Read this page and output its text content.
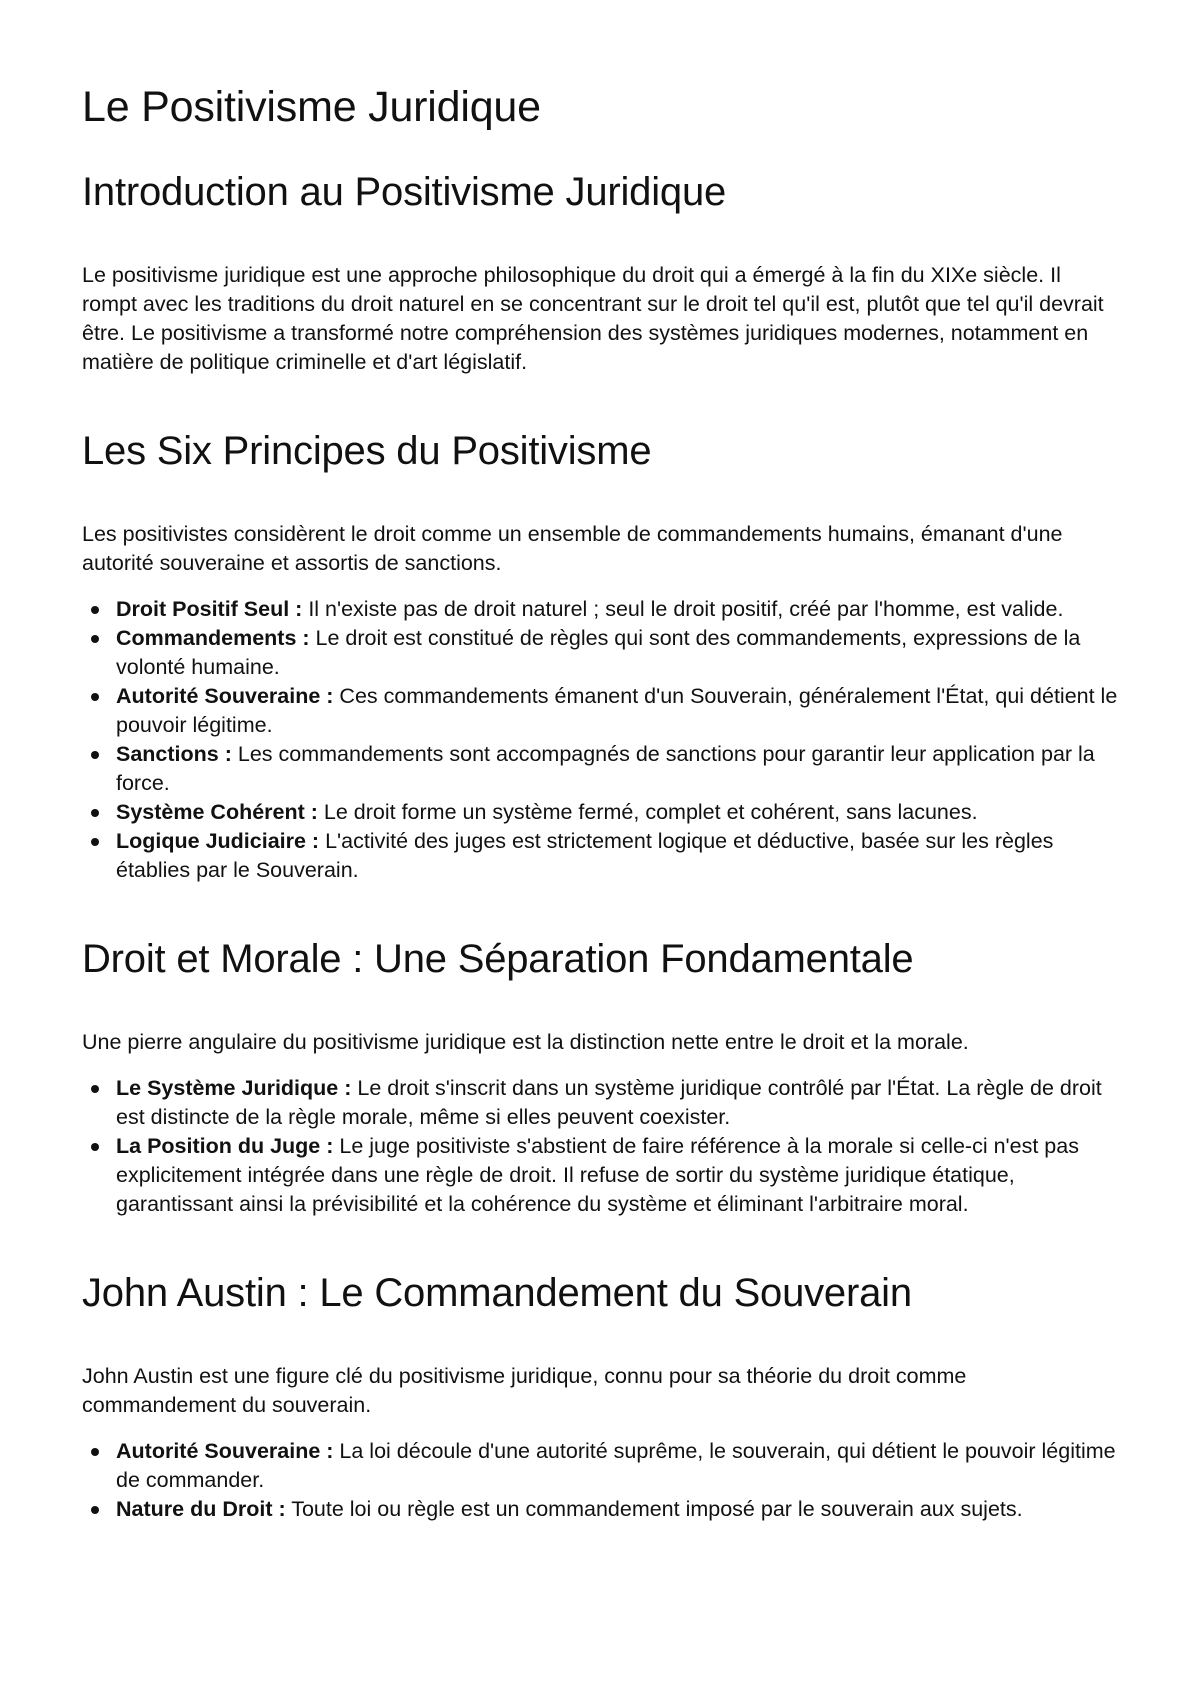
Le Positivisme Juridique
Introduction au Positivisme Juridique

Le positivisme juridique est une approche philosophique du droit qui a émergé à la fin du XIXe siècle. Il rompt avec les traditions du droit naturel en se concentrant sur le droit tel qu'il est, plutôt que tel qu'il devrait être. Le positivisme a transformé notre compréhension des systèmes juridiques modernes, notamment en matière de politique criminelle et d'art législatif.

Les Six Principes du Positivisme

Les positivistes considèrent le droit comme un ensemble de commandements humains, émanant d'une autorité souveraine et assortis de sanctions.

Droit Positif Seul : Il n'existe pas de droit naturel ; seul le droit positif, créé par l'homme, est valide.
Commandements : Le droit est constitué de règles qui sont des commandements, expressions de la volonté humaine.
Autorité Souveraine : Ces commandements émanent d'un Souverain, généralement l'État, qui détient le pouvoir légitime.
Sanctions : Les commandements sont accompagnés de sanctions pour garantir leur application par la force.
Système Cohérent : Le droit forme un système fermé, complet et cohérent, sans lacunes.
Logique Judiciaire : L'activité des juges est strictement logique et déductive, basée sur les règles établies par le Souverain.
Droit et Morale : Une Séparation Fondamentale

Une pierre angulaire du positivisme juridique est la distinction nette entre le droit et la morale.

Le Système Juridique : Le droit s'inscrit dans un système juridique contrôlé par l'État. La règle de droit est distincte de la règle morale, même si elles peuvent coexister.
La Position du Juge : Le juge positiviste s'abstient de faire référence à la morale si celle-ci n'est pas explicitement intégrée dans une règle de droit. Il refuse de sortir du système juridique étatique, garantissant ainsi la prévisibilité et la cohérence du système et éliminant l'arbitraire moral.
John Austin : Le Commandement du Souverain

John Austin est une figure clé du positivisme juridique, connu pour sa théorie du droit comme commandement du souverain.

Autorité Souveraine : La loi découle d'une autorité suprême, le souverain, qui détient le pouvoir légitime de commander.
Nature du Droit : Toute loi ou règle est un commandement imposé par le souverain aux sujets.
